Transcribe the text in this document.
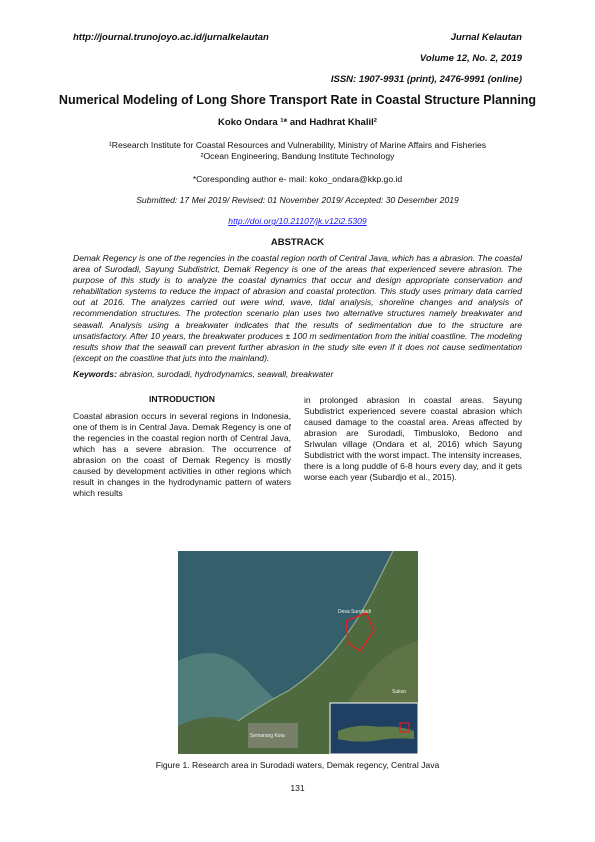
http://journal.trunojoyo.ac.id/jurnalkelautan	Jurnal Kelautan
Volume 12, No. 2, 2019
ISSN: 1907-9931 (print), 2476-9991 (online)
Numerical Modeling of Long Shore Transport Rate in Coastal Structure Planning
Koko Ondara ¹* and Hadhrat Khalil²
¹Research Institute for Coastal Resources and Vulnerability, Ministry of Marine Affairs and Fisheries
²Ocean Engineering, Bandung Institute Technology
*Coresponding author e- mail: koko_ondara@kkp.go.id
Submitted: 17 Mei 2019/ Revised: 01 November 2019/ Accepted: 30 Desember 2019
http://doi.org/10.21107/jk.v12i2.5309
ABSTRACK
Demak Regency is one of the regencies in the coastal region north of Central Java, which has a abrasion. The coastal area of Surodadi, Sayung Subdistrict, Demak Regency is one of the areas that experienced severe abrasion. The purpose of this study is to analyze the coastal dynamics that occur and design appropriate conservation and rehabilitation systems to reduce the impact of abrasion and coastal protection. This study uses primary data carried out at 2016. The analyzes carried out were wind, wave, tidal analysis, shoreline changes and analysis of recommendation structures. The protection scenario plan uses two alternative structures namely breakwater and seawall. Analysis using a breakwater indicates that the results of sedimentation due to the structure are unsatisfactory. After 10 years, the breakwater produces ± 100 m sedimentation from the initial coastline. The modeling results show that the seawall can prevent further abrasion in the study site even if it does not cause sedimentation (except on the coastline that juts into the mainland).
Keywords: abrasion, surodadi, hydrodynamics, seawall, breakwater
INTRODUCTION
Coastal abrasion occurs in several regions in Indonesia, one of them is in Central Java. Demak Regency is one of the regencies in the coastal region north of Central Java, which has a severe abrasion. The occurrence of abrasion on the coast of Demak Regency is mostly caused by development activities in other regions which result in changes in the hydrodynamic pattern of waters which results
in prolonged abrasion in coastal areas. Sayung Subdistrict experienced severe coastal abrasion which caused damage to the coastal area. Areas affected by abrasion are Surodadi, Timbusloko, Bedono and Sriwulan village (Ondara et al, 2016) which Sayung Subdistrict with the worst impact. The intensity increases, there is a long puddle of 6-8 hours every day, and it gets worse each year (Subardjo et al., 2015).
Desa Surodadi
Sukun
Semarang Kota
Figure 1. Research area in Surodadi waters, Demak regency, Central Java
131
